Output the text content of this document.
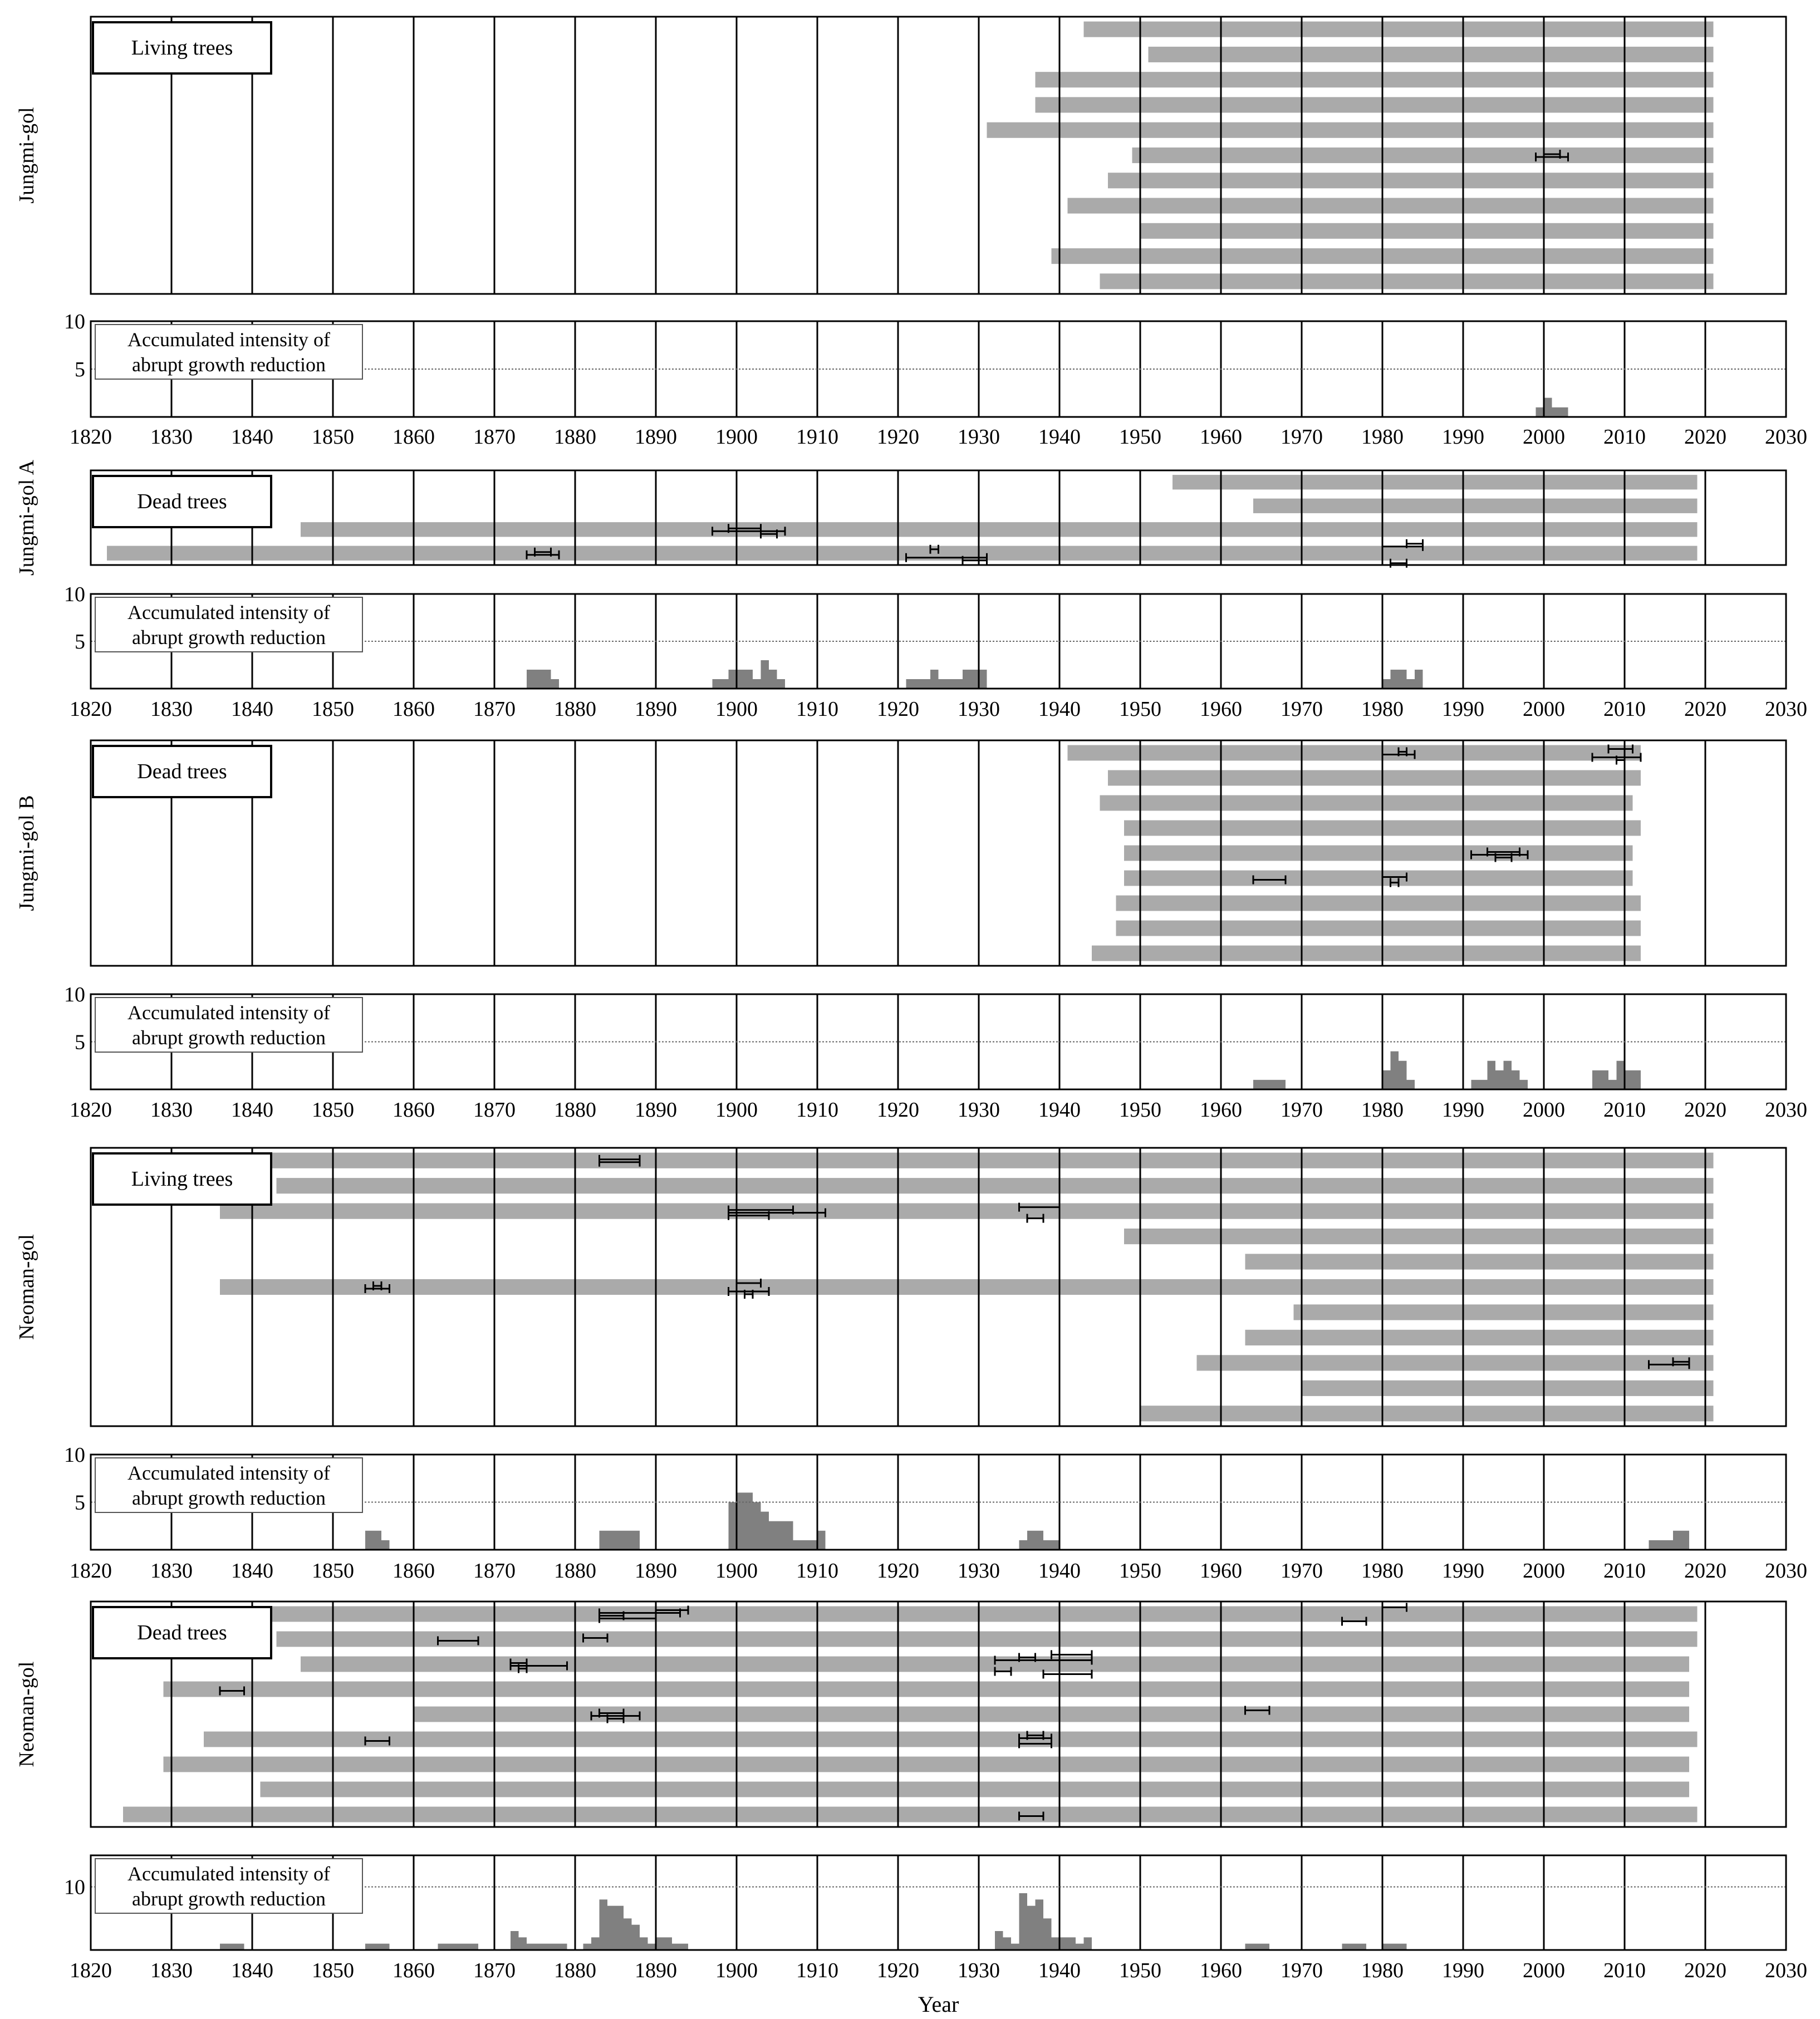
Living trees
Jungmi-gol
10
5
Accumulated intensity of
abrupt growth reduction
1820 1830 1840 1850 1860 1870 1880 1890 1900 1910 1920 1930 1940 1950 1960 1970 1980 1990 2000 2010 2020 2030
Dead trees
Jungmi-gol A
10
5
Accumulated intensity of
abrupt growth reduction
1820 1830 1840 1850 1860 1870 1880 1890 1900 1910 1920 1930 1940 1950 1960 1970 1980 1990 2000 2010 2020 2030
Dead trees
Jungmi-gol B
10
5
Accumulated intensity of
abrupt growth reduction
1820 1830 1840 1850 1860 1870 1880 1890 1900 1910 1920 1930 1940 1950 1960 1970 1980 1990 2000 2010 2020 2030
Living trees
Neoman-gol
10
5
Accumulated intensity of
abrupt growth reduction
1820 1830 1840 1850 1860 1870 1880 1890 1900 1910 1920 1930 1940 1950 1960 1970 1980 1990 2000 2010 2020 2030
Dead trees
Neoman-gol
10
Accumulated intensity of
abrupt growth reduction
1820 1830 1840 1850 1860 1870 1880 1890 1900 1910 1920 1930 1940 1950 1960 1970 1980 1990 2000 2010 2020 2030
Year
